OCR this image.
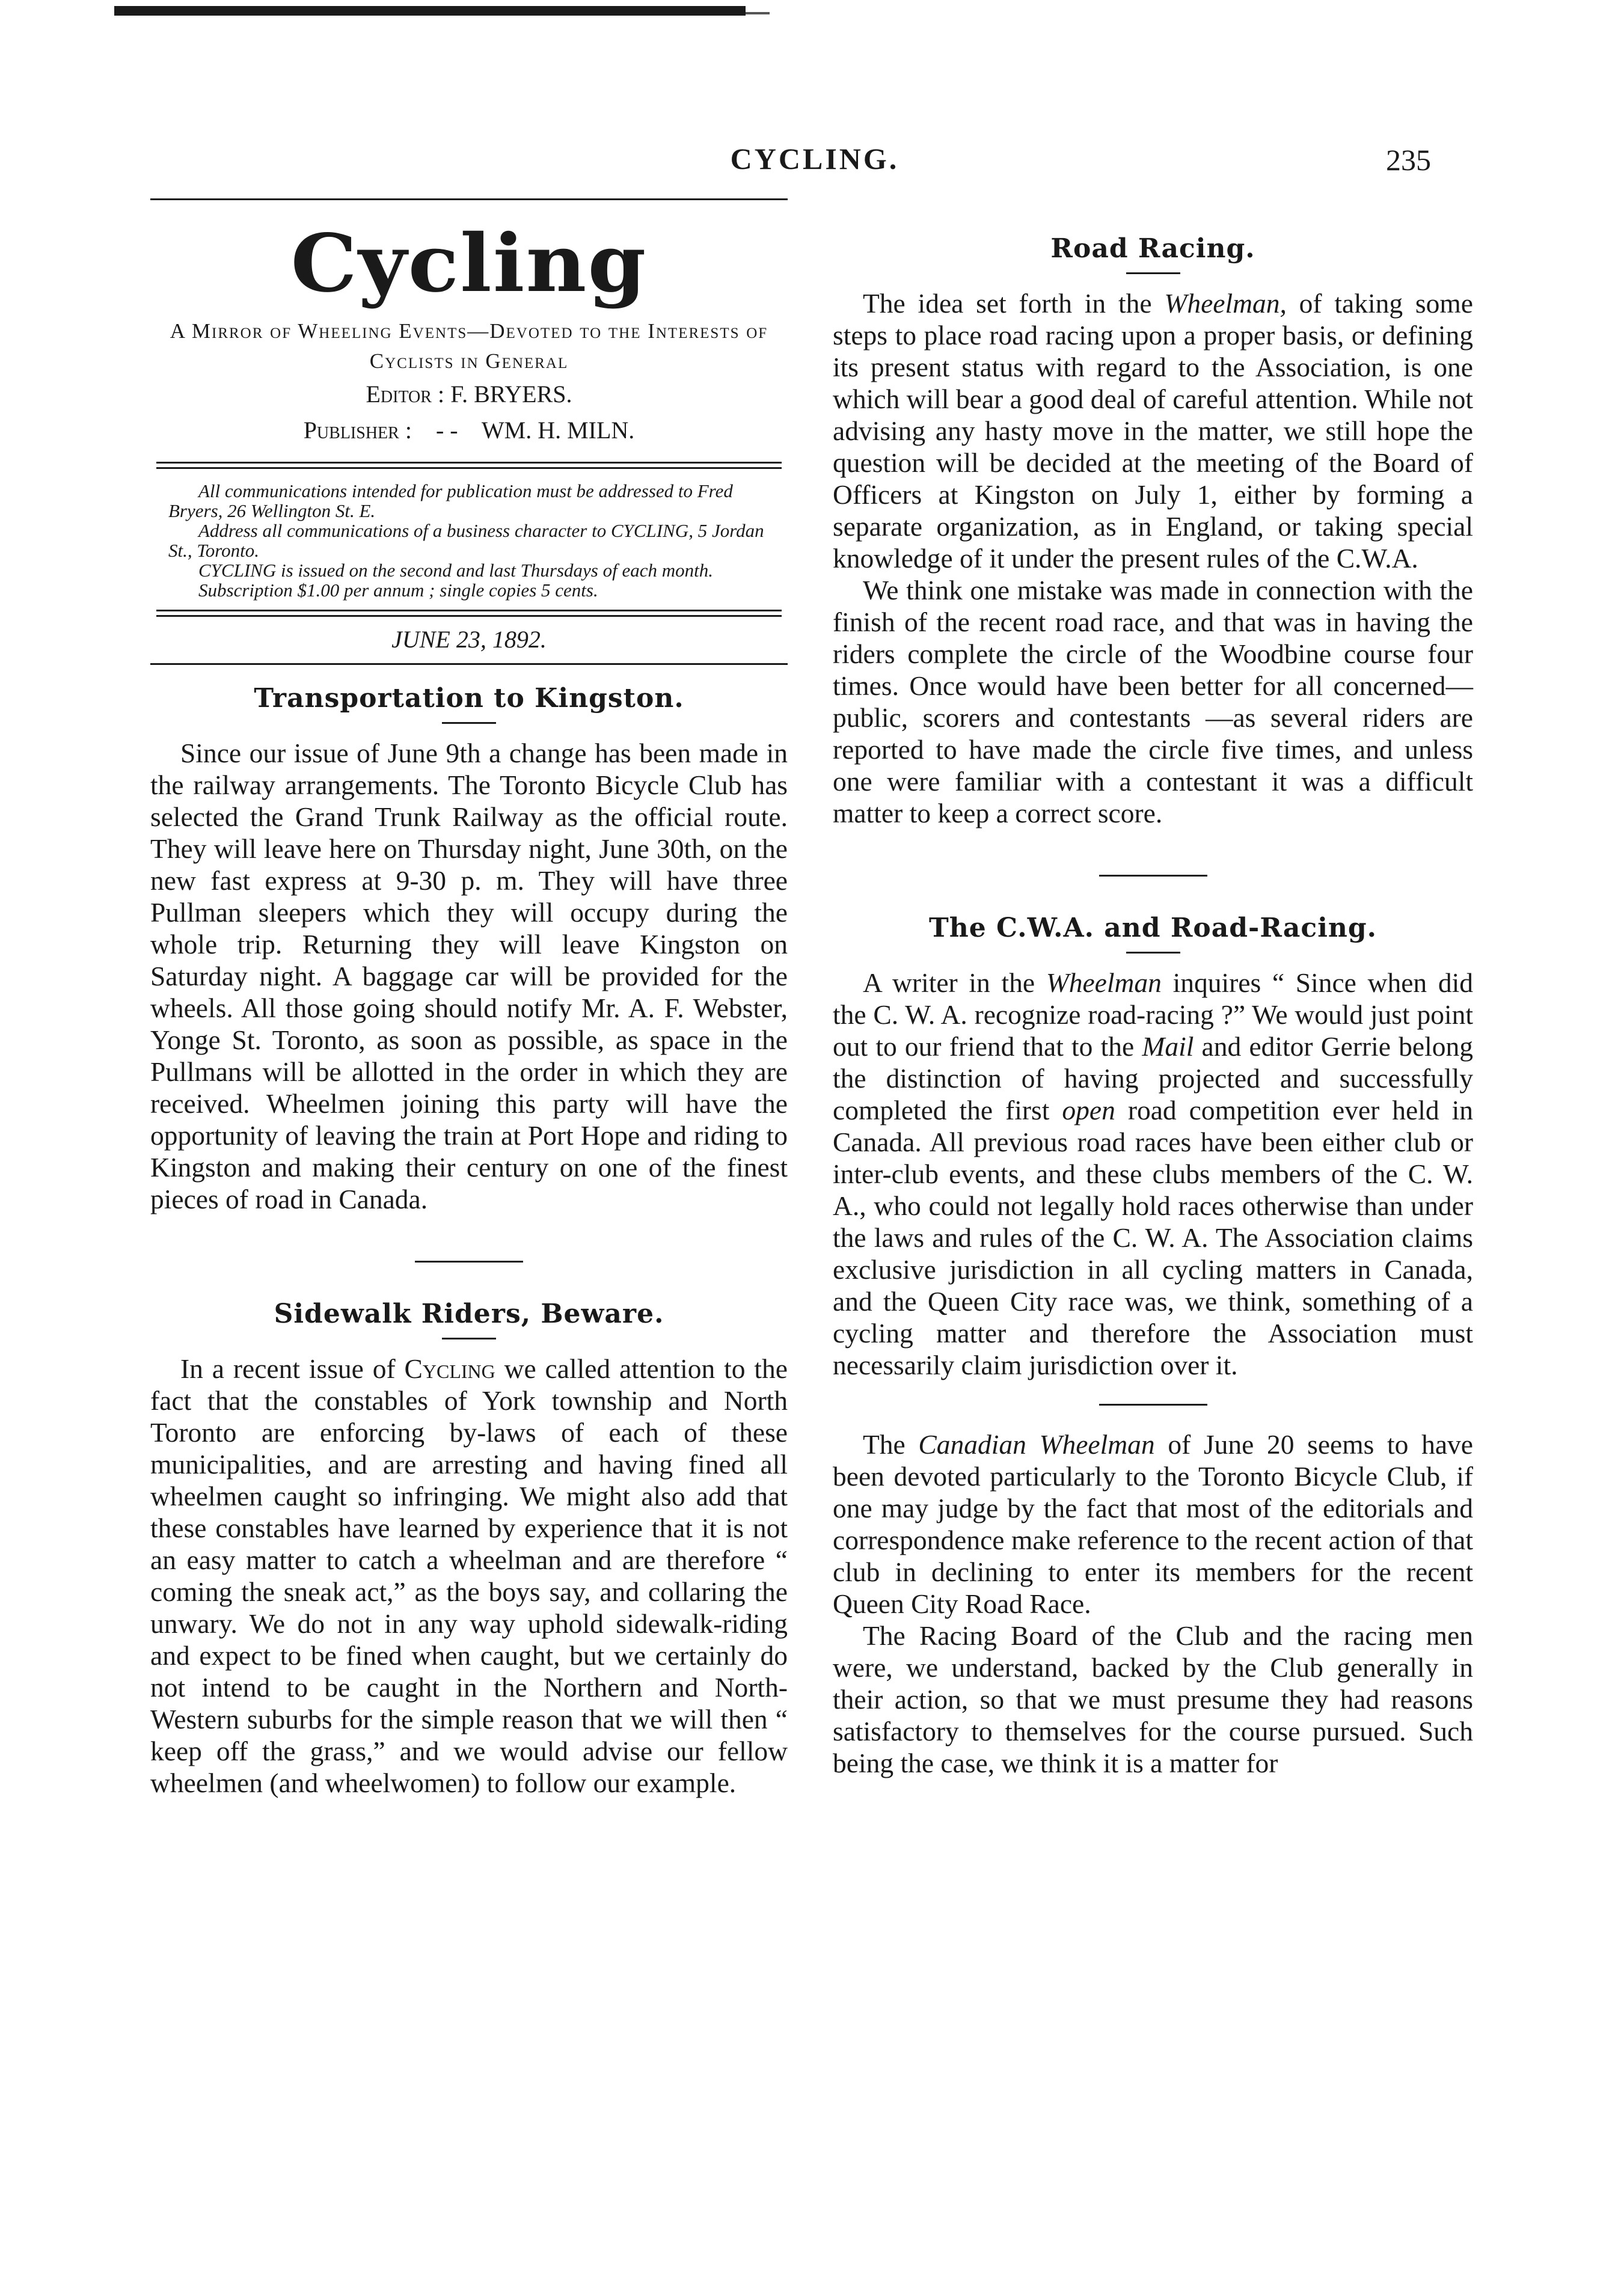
CYCLING.	235
Cycling

A Mirror of Wheeling Events—Devoted to the Interests of Cyclists in General

Editor : F. BRYERS.

Publisher : - - WM. H. MILN.

All communications intended for publication must be addressed to Fred Bryers, 26 Wellington St. E.

Address all communications of a business character to CYCLING, 5 Jordan St., Toronto.

CYCLING is issued on the second and last Thursdays of each month.

Subscription $1.00 per annum ; single copies 5 cents.

JUNE 23, 1892.
Transportation to Kingston.

Since our issue of June 9th a change has been made in the railway arrangements. The Toronto Bicycle Club has selected the Grand Trunk Railway as the official route. They will leave here on Thursday night, June 30th, on the new fast express at 9-30 p. m. They will have three Pullman sleepers which they will occupy during the whole trip. Returning they will leave Kingston on Saturday night. A baggage car will be provided for the wheels. All those going should notify Mr. A. F. Webster, Yonge St. Toronto, as soon as possible, as space in the Pullmans will be allotted in the order in which they are received. Wheelmen joining this party will have the opportunity of leaving the train at Port Hope and riding to Kingston and making their century on one of the finest pieces of road in Canada.

Sidewalk Riders, Beware.

In a recent issue of Cycling we called attention to the fact that the constables of York township and North Toronto are enforcing by-laws of each of these municipalities, and are arresting and having fined all wheelmen caught so infringing. We might also add that these constables have learned by experience that it is not an easy matter to catch a wheelman and are therefore “ coming the sneak act,” as the boys say, and collaring the unwary. We do not in any way uphold sidewalk-riding and expect to be fined when caught, but we certainly do not intend to be caught in the Northern and North-Western suburbs for the simple reason that we will then “ keep off the grass,” and we would advise our fellow wheelmen (and wheelwomen) to follow our example.

Road Racing.

The idea set forth in the Wheelman, of taking some steps to place road racing upon a proper basis, or defining its present status with regard to the Association, is one which will bear a good deal of careful attention. While not advising any hasty move in the matter, we still hope the question will be decided at the meeting of the Board of Officers at Kingston on July 1, either by forming a separate organization, as in England, or taking special knowledge of it under the present rules of the C.W.A.

We think one mistake was made in connection with the finish of the recent road race, and that was in having the riders complete the circle of the Woodbine course four times. Once would have been better for all concerned—public, scorers and contestants —as several riders are reported to have made the circle five times, and unless one were familiar with a contestant it was a difficult matter to keep a correct score.

The C.W.A. and Road-Racing.

A writer in the Wheelman inquires “ Since when did the C. W. A. recognize road-racing ?” We would just point out to our friend that to the Mail and editor Gerrie belong the distinction of having projected and successfully completed the first open road competition ever held in Canada. All previous road races have been either club or inter-club events, and these clubs members of the C. W. A., who could not legally hold races otherwise than under the laws and rules of the C. W. A. The Association claims exclusive jurisdiction in all cycling matters in Canada, and the Queen City race was, we think, something of a cycling matter and therefore the Association must necessarily claim jurisdiction over it.

The Canadian Wheelman of June 20 seems to have been devoted particularly to the Toronto Bicycle Club, if one may judge by the fact that most of the editorials and correspondence make reference to the recent action of that club in declining to enter its members for the recent Queen City Road Race.

The Racing Board of the Club and the racing men were, we understand, backed by the Club generally in their action, so that we must presume they had reasons satisfactory to themselves for the course pursued. Such being the case, we think it is a matter for
